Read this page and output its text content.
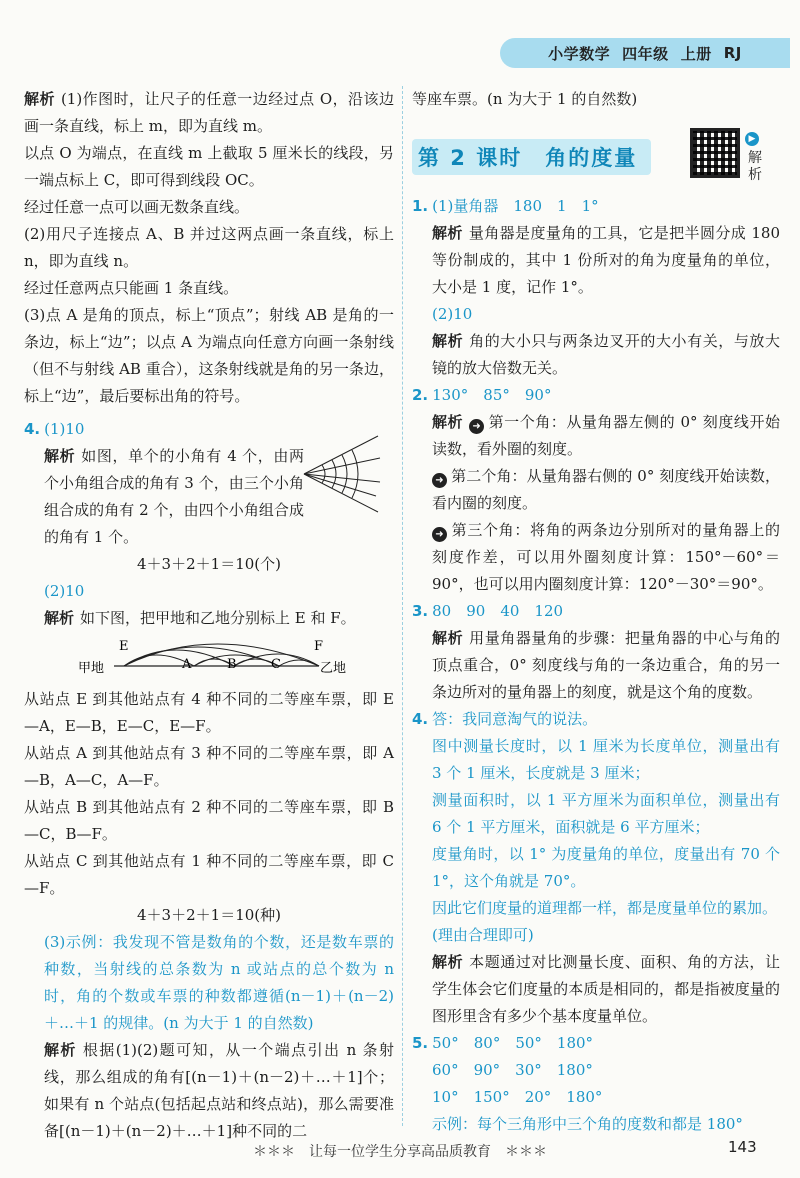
小学数学 四年级 上册 RJ

解析 (1)作图时，让尺子的任意一边经过点 O，沿该边画一条直线，标上 m，即为直线 m。

以点 O 为端点，在直线 m 上截取 5 厘米长的线段，另一端点标上 C，即可得到线段 OC。

经过任意一点可以画无数条直线。

(2)用尺子连接点 A、B 并过这两点画一条直线，标上 n，即为直线 n。

经过任意两点只能画 1 条直线。

(3)点 A 是角的顶点，标上“顶点”；射线 AB 是角的一条边，标上“边”；以点 A 为端点向任意方向画一条射线（但不与射线 AB 重合），这条射线就是角的另一条边，标上“边”，最后要标出角的符号。

4. (1)10

解析 如图，单个的小角有 4 个，由两个小角组合成的角有 3 个，由三个小角组合成的角有 2 个，由四个小角组合成的角有 1 个。

4＋3＋2＋1＝10(个)

(2)10

解析 如下图，把甲地和乙地分别标上 E 和 F。

甲地	乙地
E
A	B	C
F

从站点 E 到其他站点有 4 种不同的二等座车票，即 E—A，E—B，E—C，E—F。

从站点 A 到其他站点有 3 种不同的二等座车票，即 A—B，A—C，A—F。

从站点 B 到其他站点有 2 种不同的二等座车票，即 B—C，B—F。

从站点 C 到其他站点有 1 种不同的二等座车票，即 C—F。

4＋3＋2＋1＝10(种)

(3)示例：我发现不管是数角的个数，还是数车票的种数，当射线的总条数为 n 或站点的总个数为 n 时，角的个数或车票的种数都遵循(n－1)＋(n－2)＋…＋1 的规律。(n 为大于 1 的自然数)

解析 根据(1)(2)题可知，从一个端点引出 n 条射线，那么组成的角有[(n－1)＋(n－2)＋…＋1]个；如果有 n 个站点(包括起点站和终点站)，那么需要准备[(n－1)＋(n－2)＋…＋1]种不同的二

等座车票。(n 为大于 1 的自然数)

第 2 课时　角的度量

1. (1)量角器　180　1　1°

解析 量角器是度量角的工具，它是把半圆分成 180 等份制成的，其中 1 份所对的角为度量角的单位，大小是 1 度，记作 1°。

(2)10

解析 角的大小只与两条边叉开的大小有关，与放大镜的放大倍数无关。

2. 130°　85°　90°

解析 ➜ 第一个角：从量角器左侧的 0° 刻度线开始读数，看外圈的刻度。

➜ 第二个角：从量角器右侧的 0° 刻度线开始读数，看内圈的刻度。

➜ 第三个角：将角的两条边分别所对的量角器上的刻度作差，可以用外圈刻度计算：150°－60°＝90°，也可以用内圈刻度计算：120°－30°＝90°。

3. 80　90　40　120

解析 用量角器量角的步骤：把量角器的中心与角的顶点重合，0° 刻度线与角的一条边重合，角的另一条边所对的量角器上的刻度，就是这个角的度数。

4. 答：我同意淘气的说法。

图中测量长度时，以 1 厘米为长度单位，测量出有 3 个 1 厘米，长度就是 3 厘米；

测量面积时，以 1 平方厘米为面积单位，测量出有 6 个 1 平方厘米，面积就是 6 平方厘米；

度量角时，以 1° 为度量角的单位，度量出有 70 个 1°，这个角就是 70°。

因此它们度量的道理都一样，都是度量单位的累加。

(理由合理即可)

解析 本题通过对比测量长度、面积、角的方法，让学生体会它们度量的本质是相同的，都是指被度量的图形里含有多少个基本度量单位。

5. 50°　80°　50°　180°

60°　90°　30°　180°

10°　150°　20°　180°

示例：每个三角形中三个角的度数和都是 180°

▶
解析
＊＊＊　让每一位学生分享高品质教育　＊＊＊	143
